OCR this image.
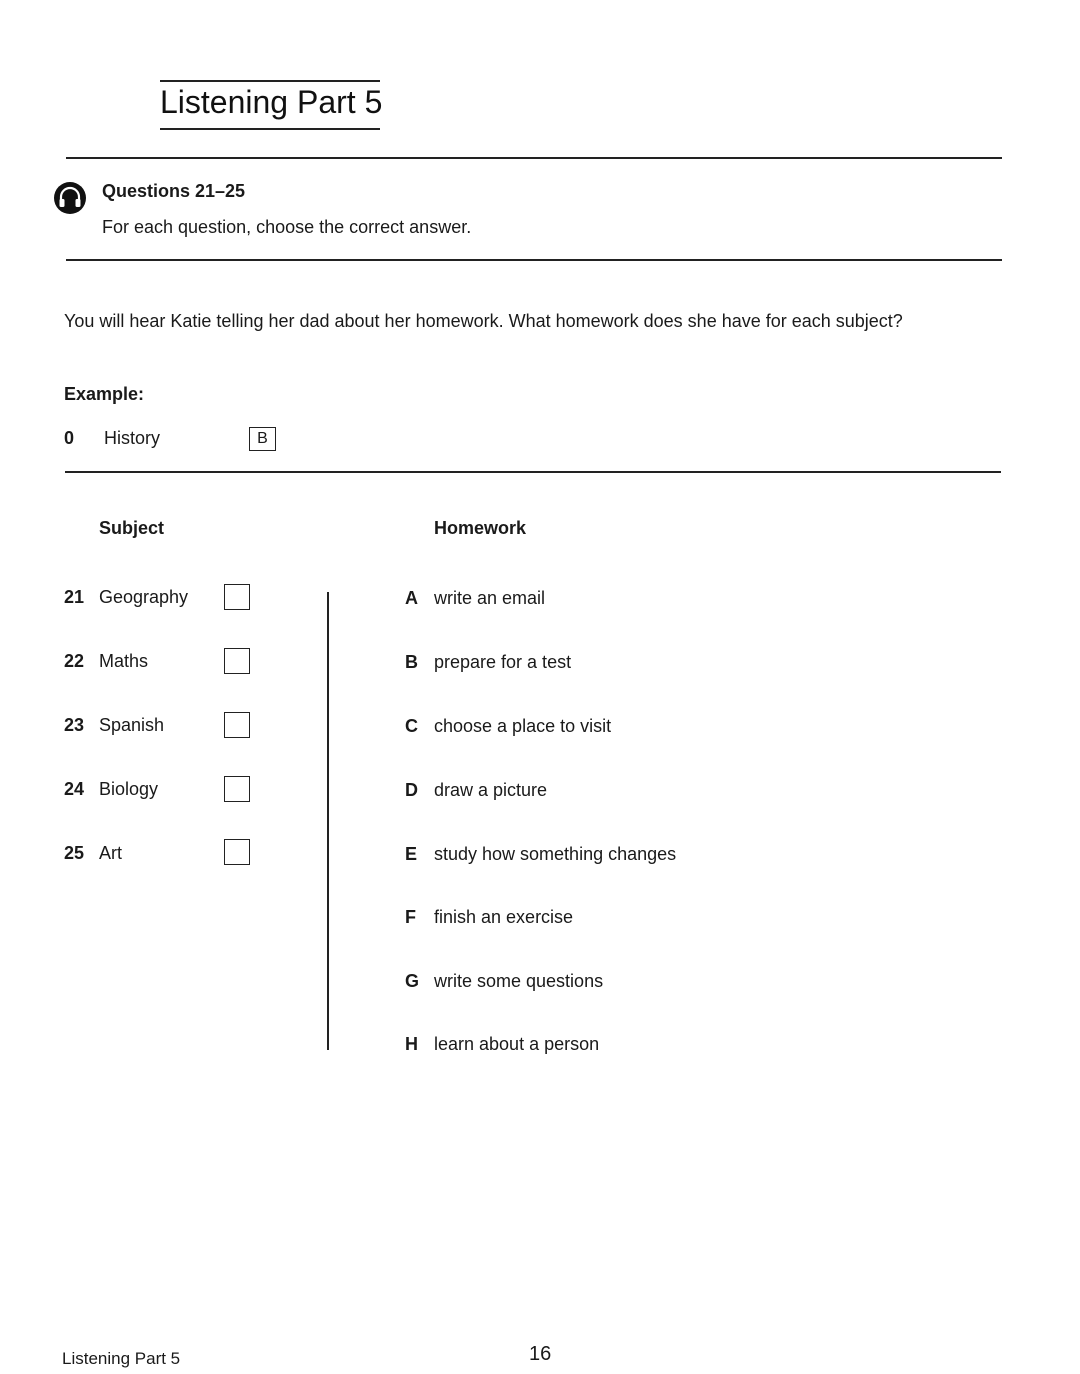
Listening Part 5
Questions 21–25
For each question, choose the correct answer.
You will hear Katie telling her dad about her homework. What homework does she have for each subject?
Example:
0 History	B
Subject	Homework
21 Geography
22 Maths
23 Spanish
24 Biology
25 Art
A write an email
B prepare for a test
C choose a place to visit
D draw a picture
E study how something changes
F	finish an exercise
G write some questions
H learn about a person
Listening Part 5	16
